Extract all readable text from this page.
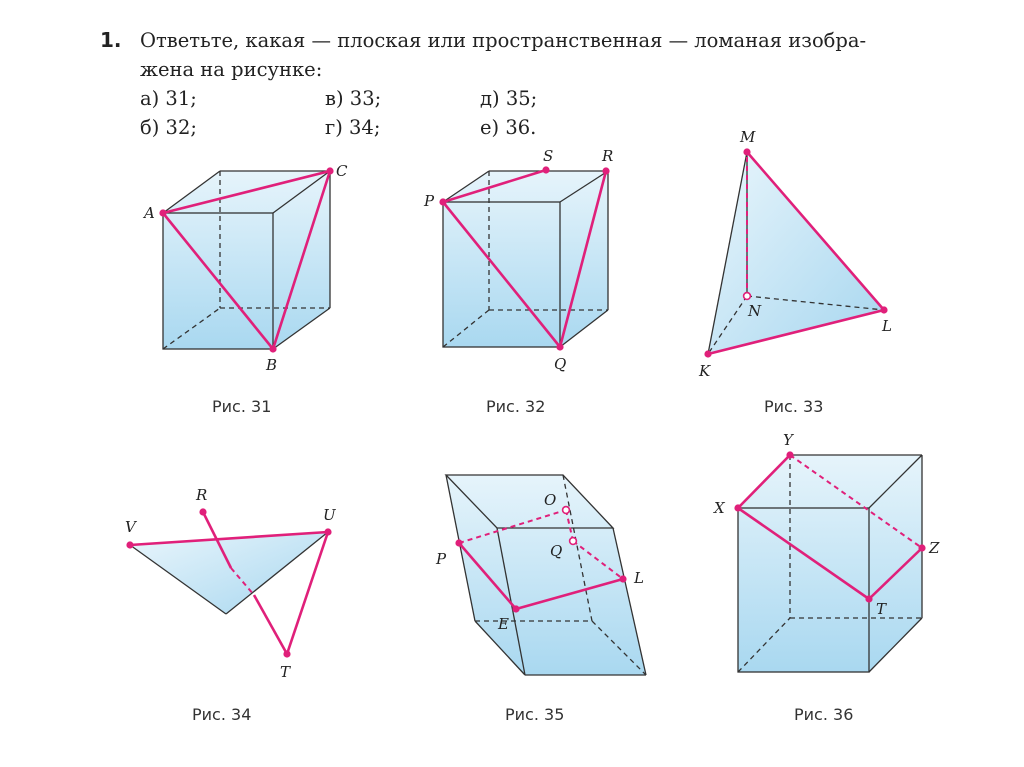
1. Ответьте, какая — плоская или пространственная — ломаная изобра-
жена на рисунке:
а) 31;	в) 33;	д) 35;
б) 32;	г) 34;	е) 36.
A
C
B
Рис. 31
S	R
P
Q
Рис. 32
M
N
L
K
Рис. 33
R
V
U
T
Рис. 34
O
Q
P
L
E
Рис. 35
Y
X
Z
T
Рис. 36
